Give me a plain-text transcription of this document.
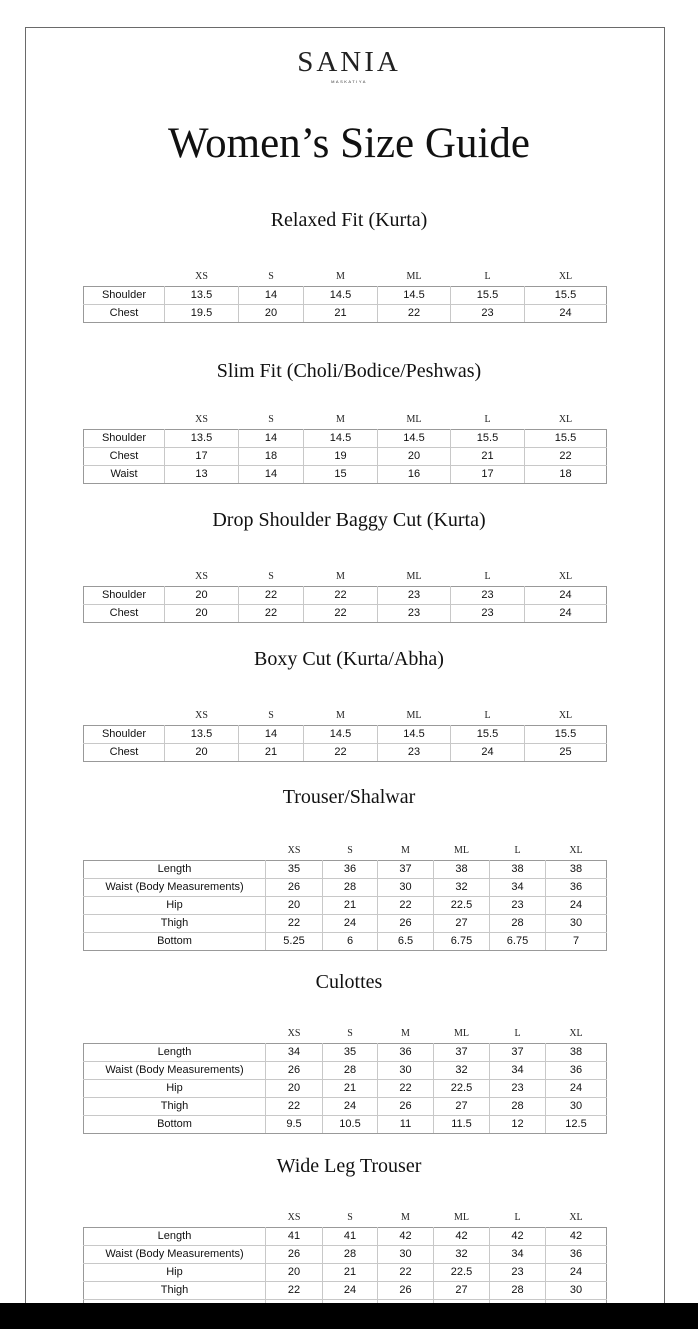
SANIA
MASKATIYA
Women’s Size Guide
Relaxed Fit (Kurta)
	XS	S	M	ML	L	XL
Shoulder	13.5	14	14.5	14.5	15.5	15.5
Chest	19.5	20	21	22	23	24
Slim Fit (Choli/Bodice/Peshwas)
	XS	S	M	ML	L	XL
Shoulder	13.5	14	14.5	14.5	15.5	15.5
Chest	17	18	19	20	21	22
Waist	13	14	15	16	17	18
Drop Shoulder Baggy Cut (Kurta)
	XS	S	M	ML	L	XL
Shoulder	20	22	22	23	23	24
Chest	20	22	22	23	23	24
Boxy Cut (Kurta/Abha)
	XS	S	M	ML	L	XL
Shoulder	13.5	14	14.5	14.5	15.5	15.5
Chest	20	21	22	23	24	25
Trouser/Shalwar
	XS	S	M	ML	L	XL
Length	35	36	37	38	38	38
Waist (Body Measurements)	26	28	30	32	34	36
Hip	20	21	22	22.5	23	24
Thigh	22	24	26	27	28	30
Bottom	5.25	6	6.5	6.75	6.75	7
Culottes
	XS	S	M	ML	L	XL
Length	34	35	36	37	37	38
Waist (Body Measurements)	26	28	30	32	34	36
Hip	20	21	22	22.5	23	24
Thigh	22	24	26	27	28	30
Bottom	9.5	10.5	11	11.5	12	12.5
Wide Leg Trouser
	XS	S	M	ML	L	XL
Length	41	41	42	42	42	42
Waist (Body Measurements)	26	28	30	32	34	36
Hip	20	21	22	22.5	23	24
Thigh	22	24	26	27	28	30
